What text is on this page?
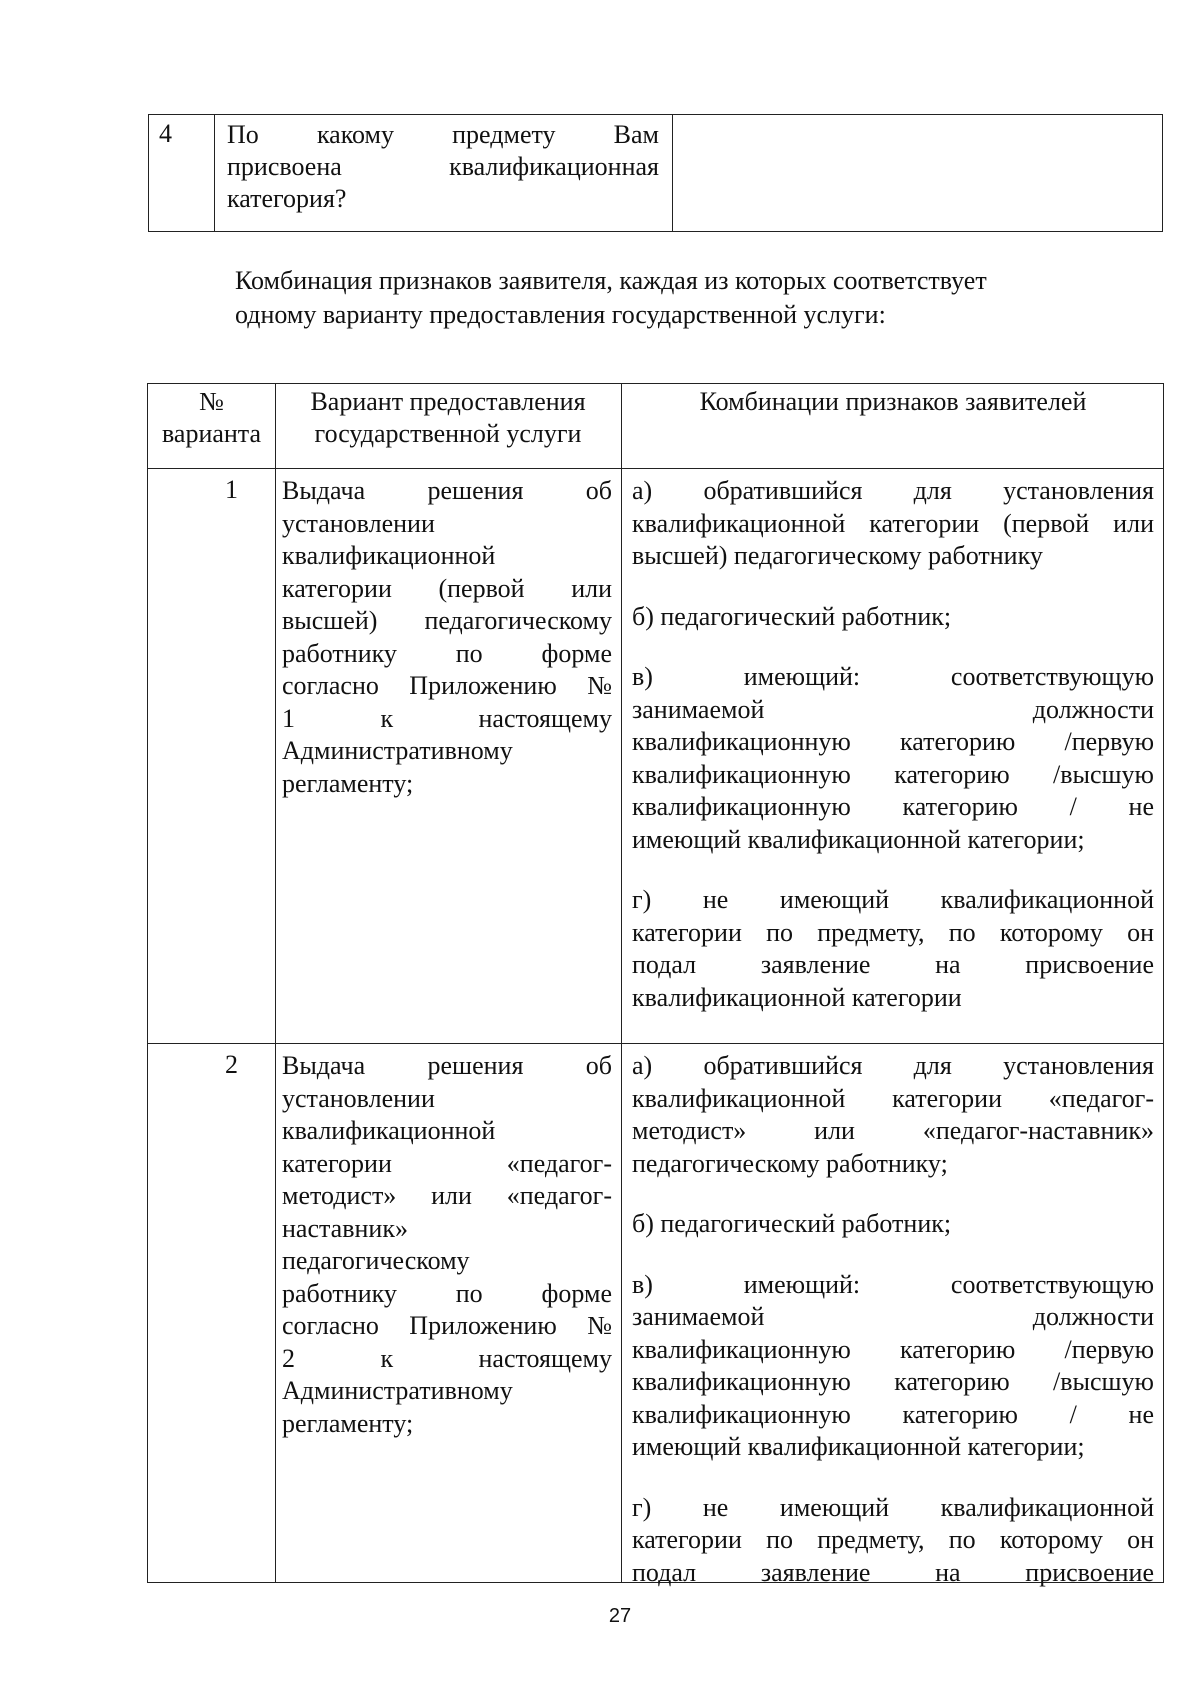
4 По какому предмету Вам
присвоена квалификационная
категория?
Комбинация признаков заявителя, каждая из которых соответствует
одному варианту предоставления государственной услуги:
№
варианта
Вариант предоставления
государственной услуги
Комбинации признаков заявителей
1 Выдача решения об
установлении
квалификационной
категории (первой или
высшей) педагогическому
работнику по форме
согласно Приложению №
1 к настоящему
Административному
регламенту;
а) обратившийся для установления
квалификационной категории (первой или
высшей) педагогическому работнику
б) педагогический работник;
в) имеющий: соответствующую
занимаемой должности
квалификационную категорию /первую
квалификационную категорию /высшую
квалификационную категорию / не
имеющий квалификационной категории;
г) не имеющий квалификационной
категории по предмету, по которому он
подал заявление на присвоение
квалификационной категории
2 Выдача решения об
установлении
квалификационной
категории «педагог-
методист» или «педагог-
наставник»
педагогическому
работнику по форме
согласно Приложению №
2 к настоящему
Административному
регламенту;
а) обратившийся для установления
квалификационной категории «педагог-
методист» или «педагог-наставник»
педагогическому работнику;
б) педагогический работник;
в) имеющий: соответствующую
занимаемой должности
квалификационную категорию /первую
квалификационную категорию /высшую
квалификационную категорию / не
имеющий квалификационной категории;
г) не имеющий квалификационной
категории по предмету, по которому он
подал заявление на присвоение
27
